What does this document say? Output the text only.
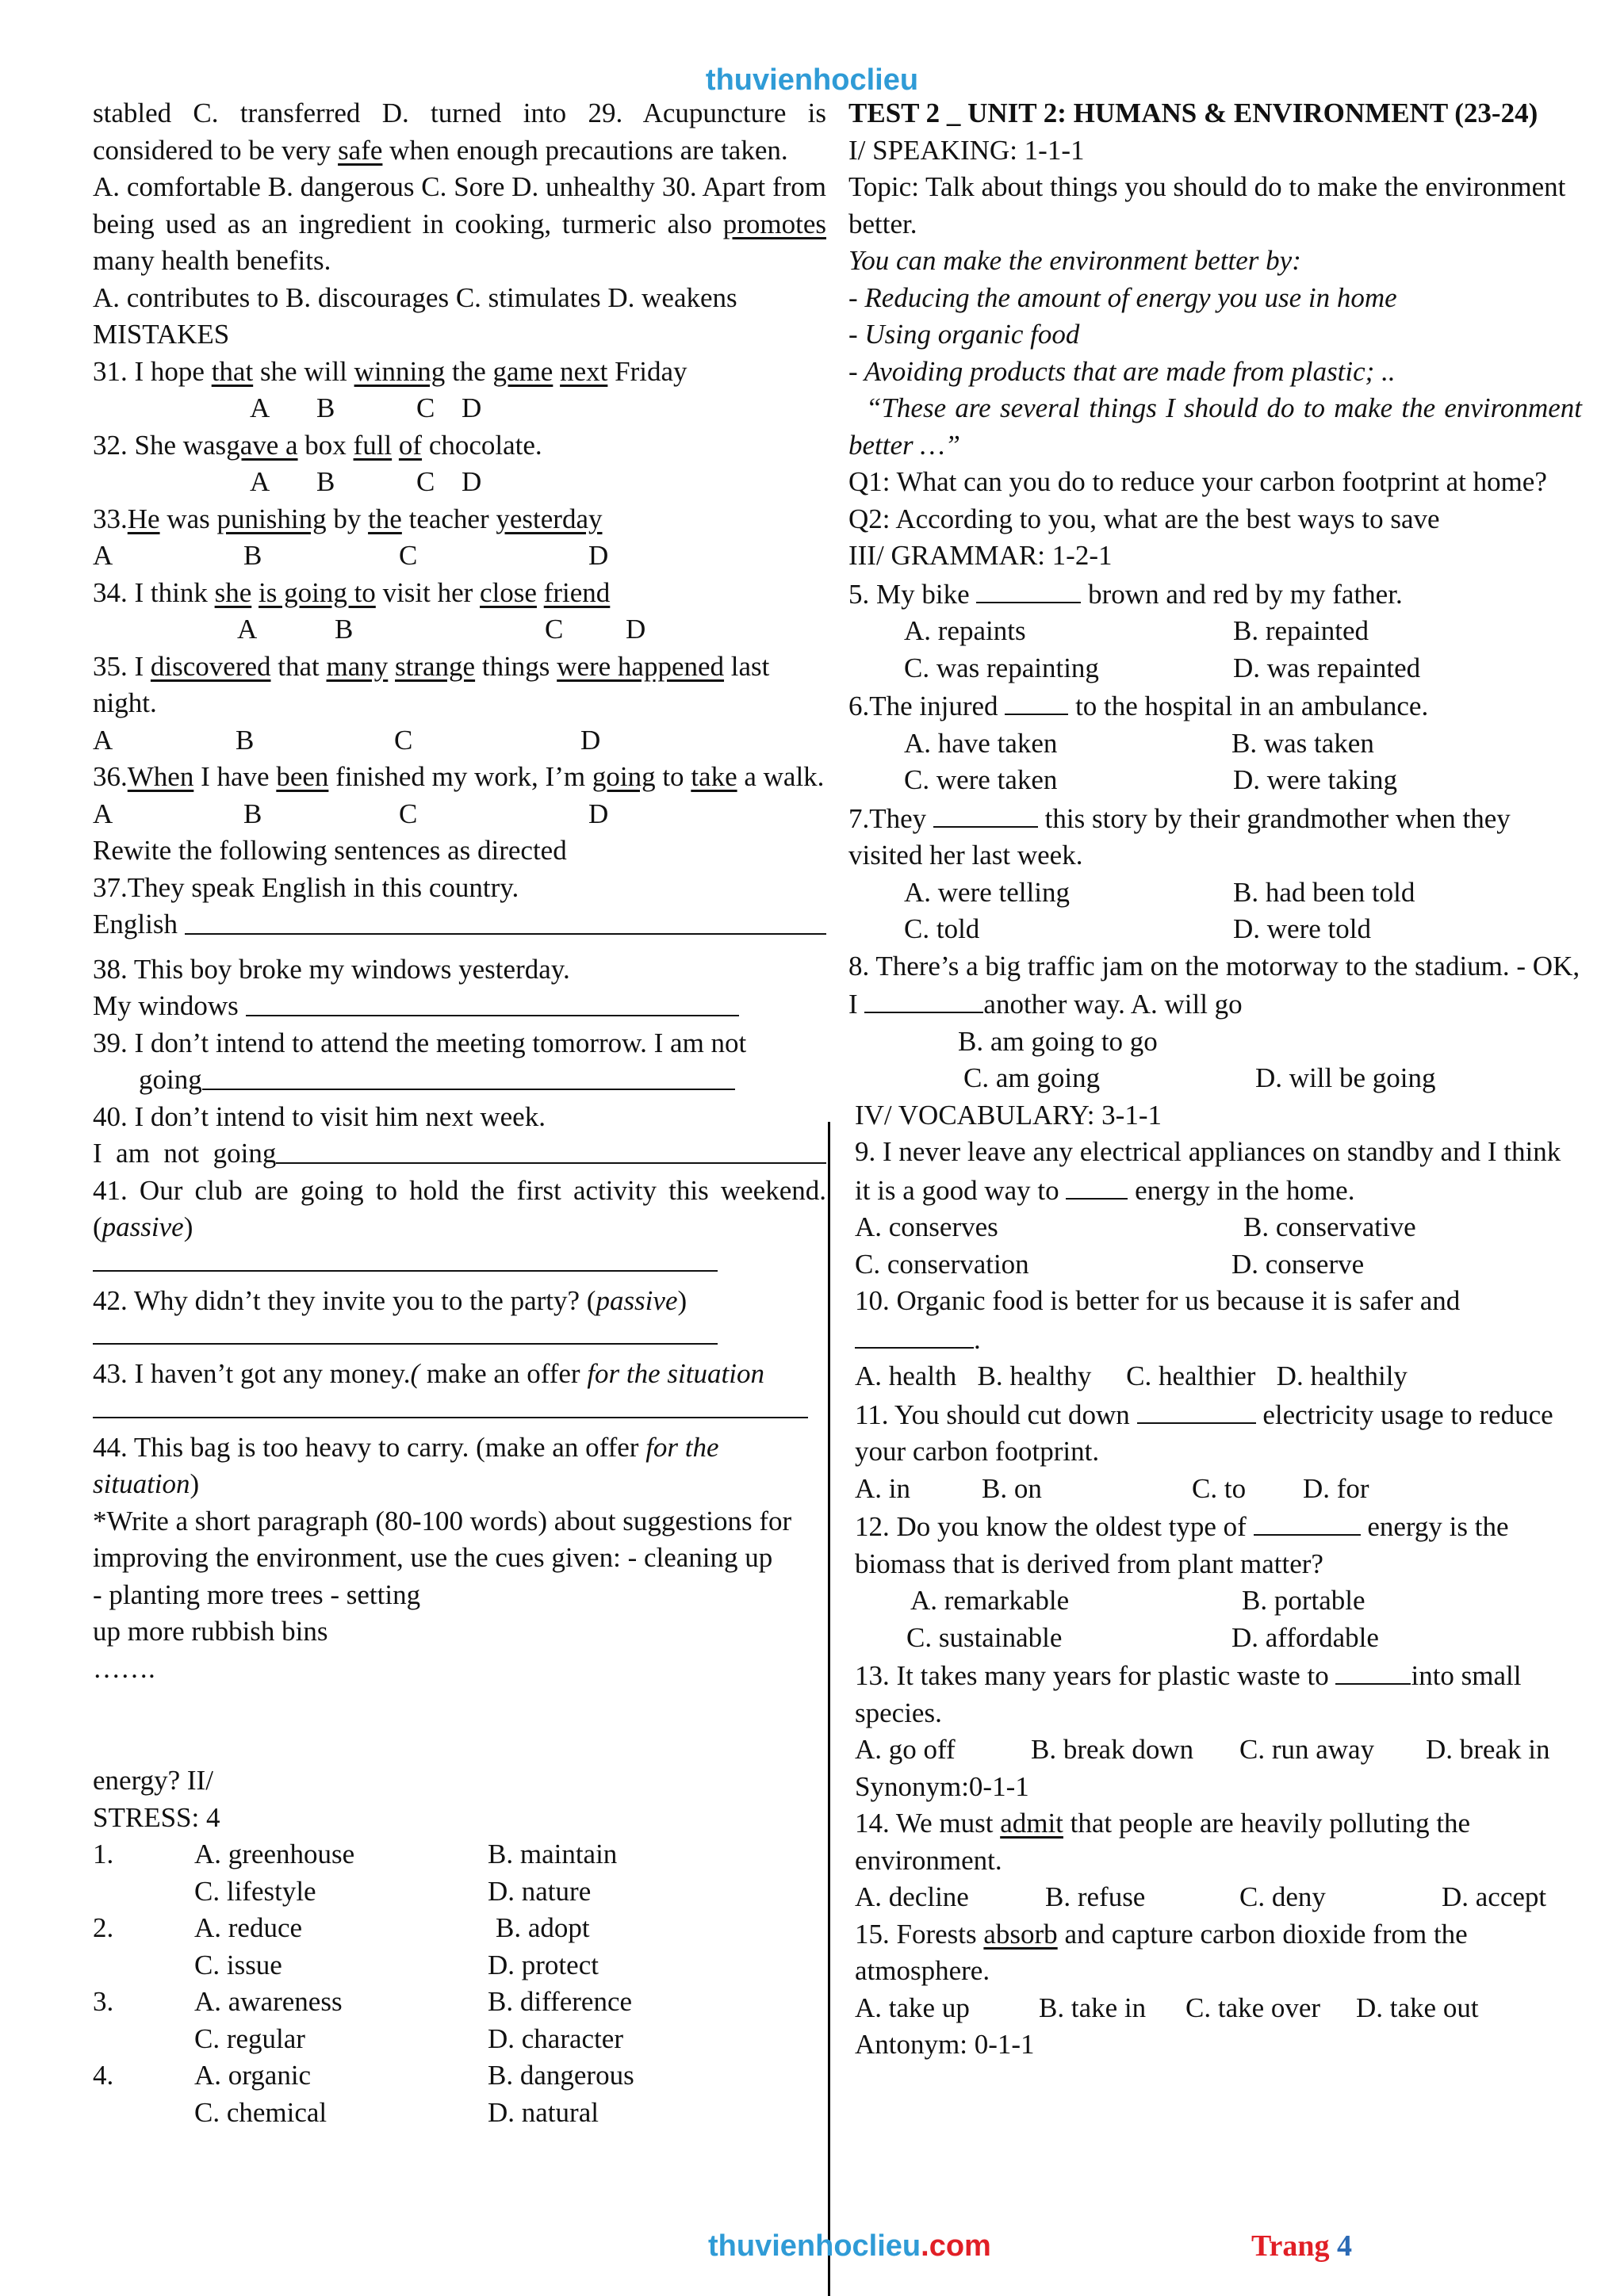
thuvienhoclieu

stabled C. transferred D. turned into 29. Acupuncture is considered to be very safe when enough precautions are taken.

A. comfortable B. dangerous C. Sore D. unhealthy 30. Apart from being used as an ingredient in cooking, turmeric also promotes many health benefits.

A. contributes to B. discourages C. stimulates D. weakens

MISTAKES

31. I hope that she will winning the game next Friday

A B	C D

32. She wasgave a box full of chocolate.

A B	C D

33.He was punishing by the teacher yesterday

A	B	C	D

34. I think she is going to visit her close friend

A	B	C D

35. I discovered that many strange things were happened last night.

A	B	C	D

36.When I have been finished my work, I’m going to take a walk.

A	B	C	D

Rewite the following sentences as directed

37.They speak English in this country.

English

38. This boy broke my windows yesterday.

My windows

39. I don’t intend to attend the meeting tomorrow. I am not

going

40. I don’t intend to visit him next week.

I  am  not  going

41. Our club are going to hold the first activity this weekend. (passive)

42. Why didn’t they invite you to the party? (passive)

43. I haven’t got any money.( make an offer for the situation

44. This bag is too heavy to carry. (make an offer for the situation)

*Write a short paragraph (80-100 words) about suggestions for improving the environment, use the cues given: - cleaning up

- planting more trees - setting

up more rubbish bins

…….

energy? II/

STRESS: 4

1.	A. greenhouse	B. maintain
C. lifestyle	D. nature
2.	A. reduce	B. adopt
C. issue	D. protect
3.	A. awareness	B. difference
C. regular	D. character
4.	A. organic	B. dangerous
C. chemical	D. natural

TEST 2 _ UNIT 2: HUMANS & ENVIRONMENT (23-24)

I/ SPEAKING: 1-1-1

Topic: Talk about things you should do to make the environment better.

You can make the environment better by:

- Reducing the amount of energy you use in home

- Using organic food

- Avoiding products that are made from plastic; ..

“These are several things I should do to make the environment better …”

Q1: What can you do to reduce your carbon footprint at home?

Q2: According to you, what are the best ways to save

III/ GRAMMAR: 1-2-1

5. My bike	brown and red by my father.

A. repaints	B. repainted
C. was repainting	D. was repainted

6.The injured  to the hospital in an ambulance.

A. have taken	B. was taken
C. were taken	D. were taking

7.They	this story by their grandmother when they visited her last week.

A. were telling	B. had been told
C. told	D. were told

8. There’s a big traffic jam on the motorway to the stadium. - OK, I	another way. A. will go

B. am going to go
C. am going	D. will be going

IV/ VOCABULARY: 3-1-1

9. I never leave any electrical appliances on standby and I think it is a good way to  energy in the home.

A. conserves	B. conservative
C. conservation	D. conserve

10. Organic food is better for us because it is safer and
.

A. health   B. healthy     C. healthier   D. healthily

11. You should cut down	electricity usage to reduce your carbon footprint.

A. in	B. on	C. to	D. for

12. Do you know the oldest type of	energy is the biomass that is derived from plant matter?

A. remarkable	B. portable
C. sustainable	D. affordable

13. It takes many years for plastic waste to	into small species.

A. go off	B. break down	C. run away	D. break in

Synonym:0-1-1

14. We must admit that people are heavily polluting the environment.

A. decline	B. refuse	C. deny	D. accept

15. Forests absorb and capture carbon dioxide from the atmosphere.

A. take up	B. take in	C. take over	D. take out

Antonym: 0-1-1

thuvienhoclieu.com	Trang 4
